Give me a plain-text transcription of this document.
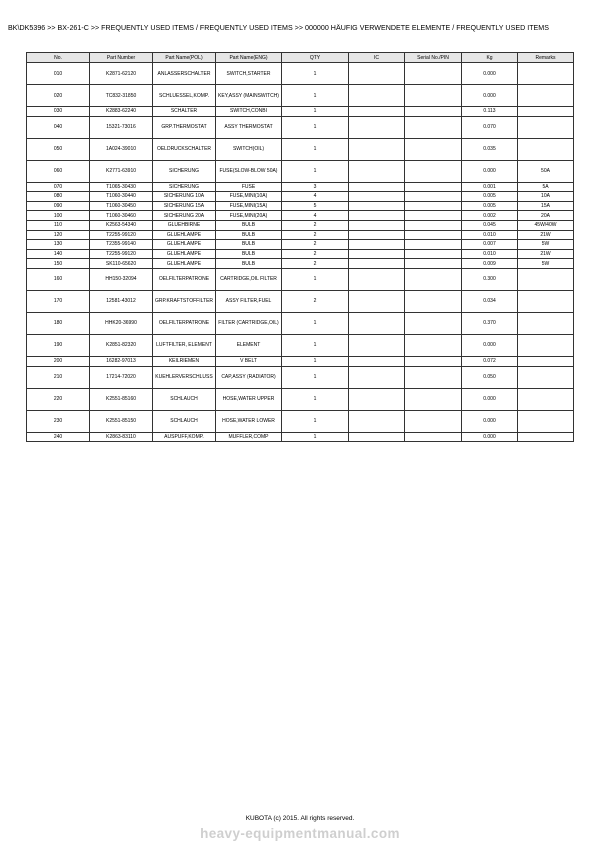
BK\DK5396 >> BX-261-C >> FREQUENTLY USED ITEMS / FREQUENTLY USED ITEMS >> 000000 HÄUFIG VERWENDETE ELEMENTE / FREQUENTLY USED ITEMS
No.	Part Number	Part Name(POL)	Part Name(ENG)	QTY	IC	Serial No./PIN	Kg	Remarks
010	K2871-62120	ANLASSERSCHALTER	SWITCH,STARTER	1			0.000	
020	TC832-31850	SCHLUESSEL,KOMP.	KEY,ASSY (MAINSWITCH)	1			0.000	
030	K2883-62240	SCHALTER	SWITCH,CONBI	1			0.113	
040	15321-73016	GRP.THERMOSTAT	ASSY THERMOSTAT	1			0.070	
050	1A024-39010	OELDRUCKSCHALTER	SWITCH(OIL)	1			0.035	
060	K2771-63910	SICHERUNG	FUSE(SLOW-BLOW 50A)	1			0.000	50A
070	T1065-30430	SICHERUNG	FUSE	3			0.001	5A
080	T1060-30440	SICHERUNG 10A	FUSE,MINI(10A)	4			0.005	10A
090	T1060-30450	SICHERUNG 15A	FUSE,MINI(15A)	5			0.005	15A
100	T1060-30460	SICHERUNG 20A	FUSE,MINI(20A)	4			0.002	20A
110	K2563-54340	GLUEHBIRNE	BULB	2			0.045	45W/40W
120	T2255-99120	GLUEHLAMPE	BULB	2			0.010	21W
130	T2355-99140	GLUEHLAMPE	BULB	2			0.007	5W
140	T2255-99120	GLUEHLAMPE	BULB	2			0.010	21W
150	SK110-65620	GLUEHLAMPE	BULB	2			0.009	5W
160	HH150-32094	OELFILTERPATRONE	CARTRIDGE,OIL FILTER	1			0.300	
170	12581-43012	GRP.KRAFTSTOFFILTER	ASSY FILTER,FUEL	2			0.034	
180	HHK20-36990	OELFILTERPATRONE	FILTER (CARTRIDGE,OIL)	1			0.370	
190	K2851-82320	LUFTFILTER, ELEMENT	ELEMENT	1			0.000	
200	16282-97013	KEILRIEMEN	V BELT	1			0.072	
210	17214-72020	KUEHLERVERSCHLUSS	CAP,ASSY (RADIATOR)	1			0.050	
220	K2551-85160	SCHLAUCH	HOSE,WATER UPPER	1			0.000	
230	K2551-85150	SCHLAUCH	HOSE,WATER LOWER	1			0.000	
240	K2863-83110	AUSPUFF,KOMP.	MUFFLER,COMP	1			0.000	
KUBOTA (c) 2015. All rights reserved.
heavy-equipmentmanual.com
